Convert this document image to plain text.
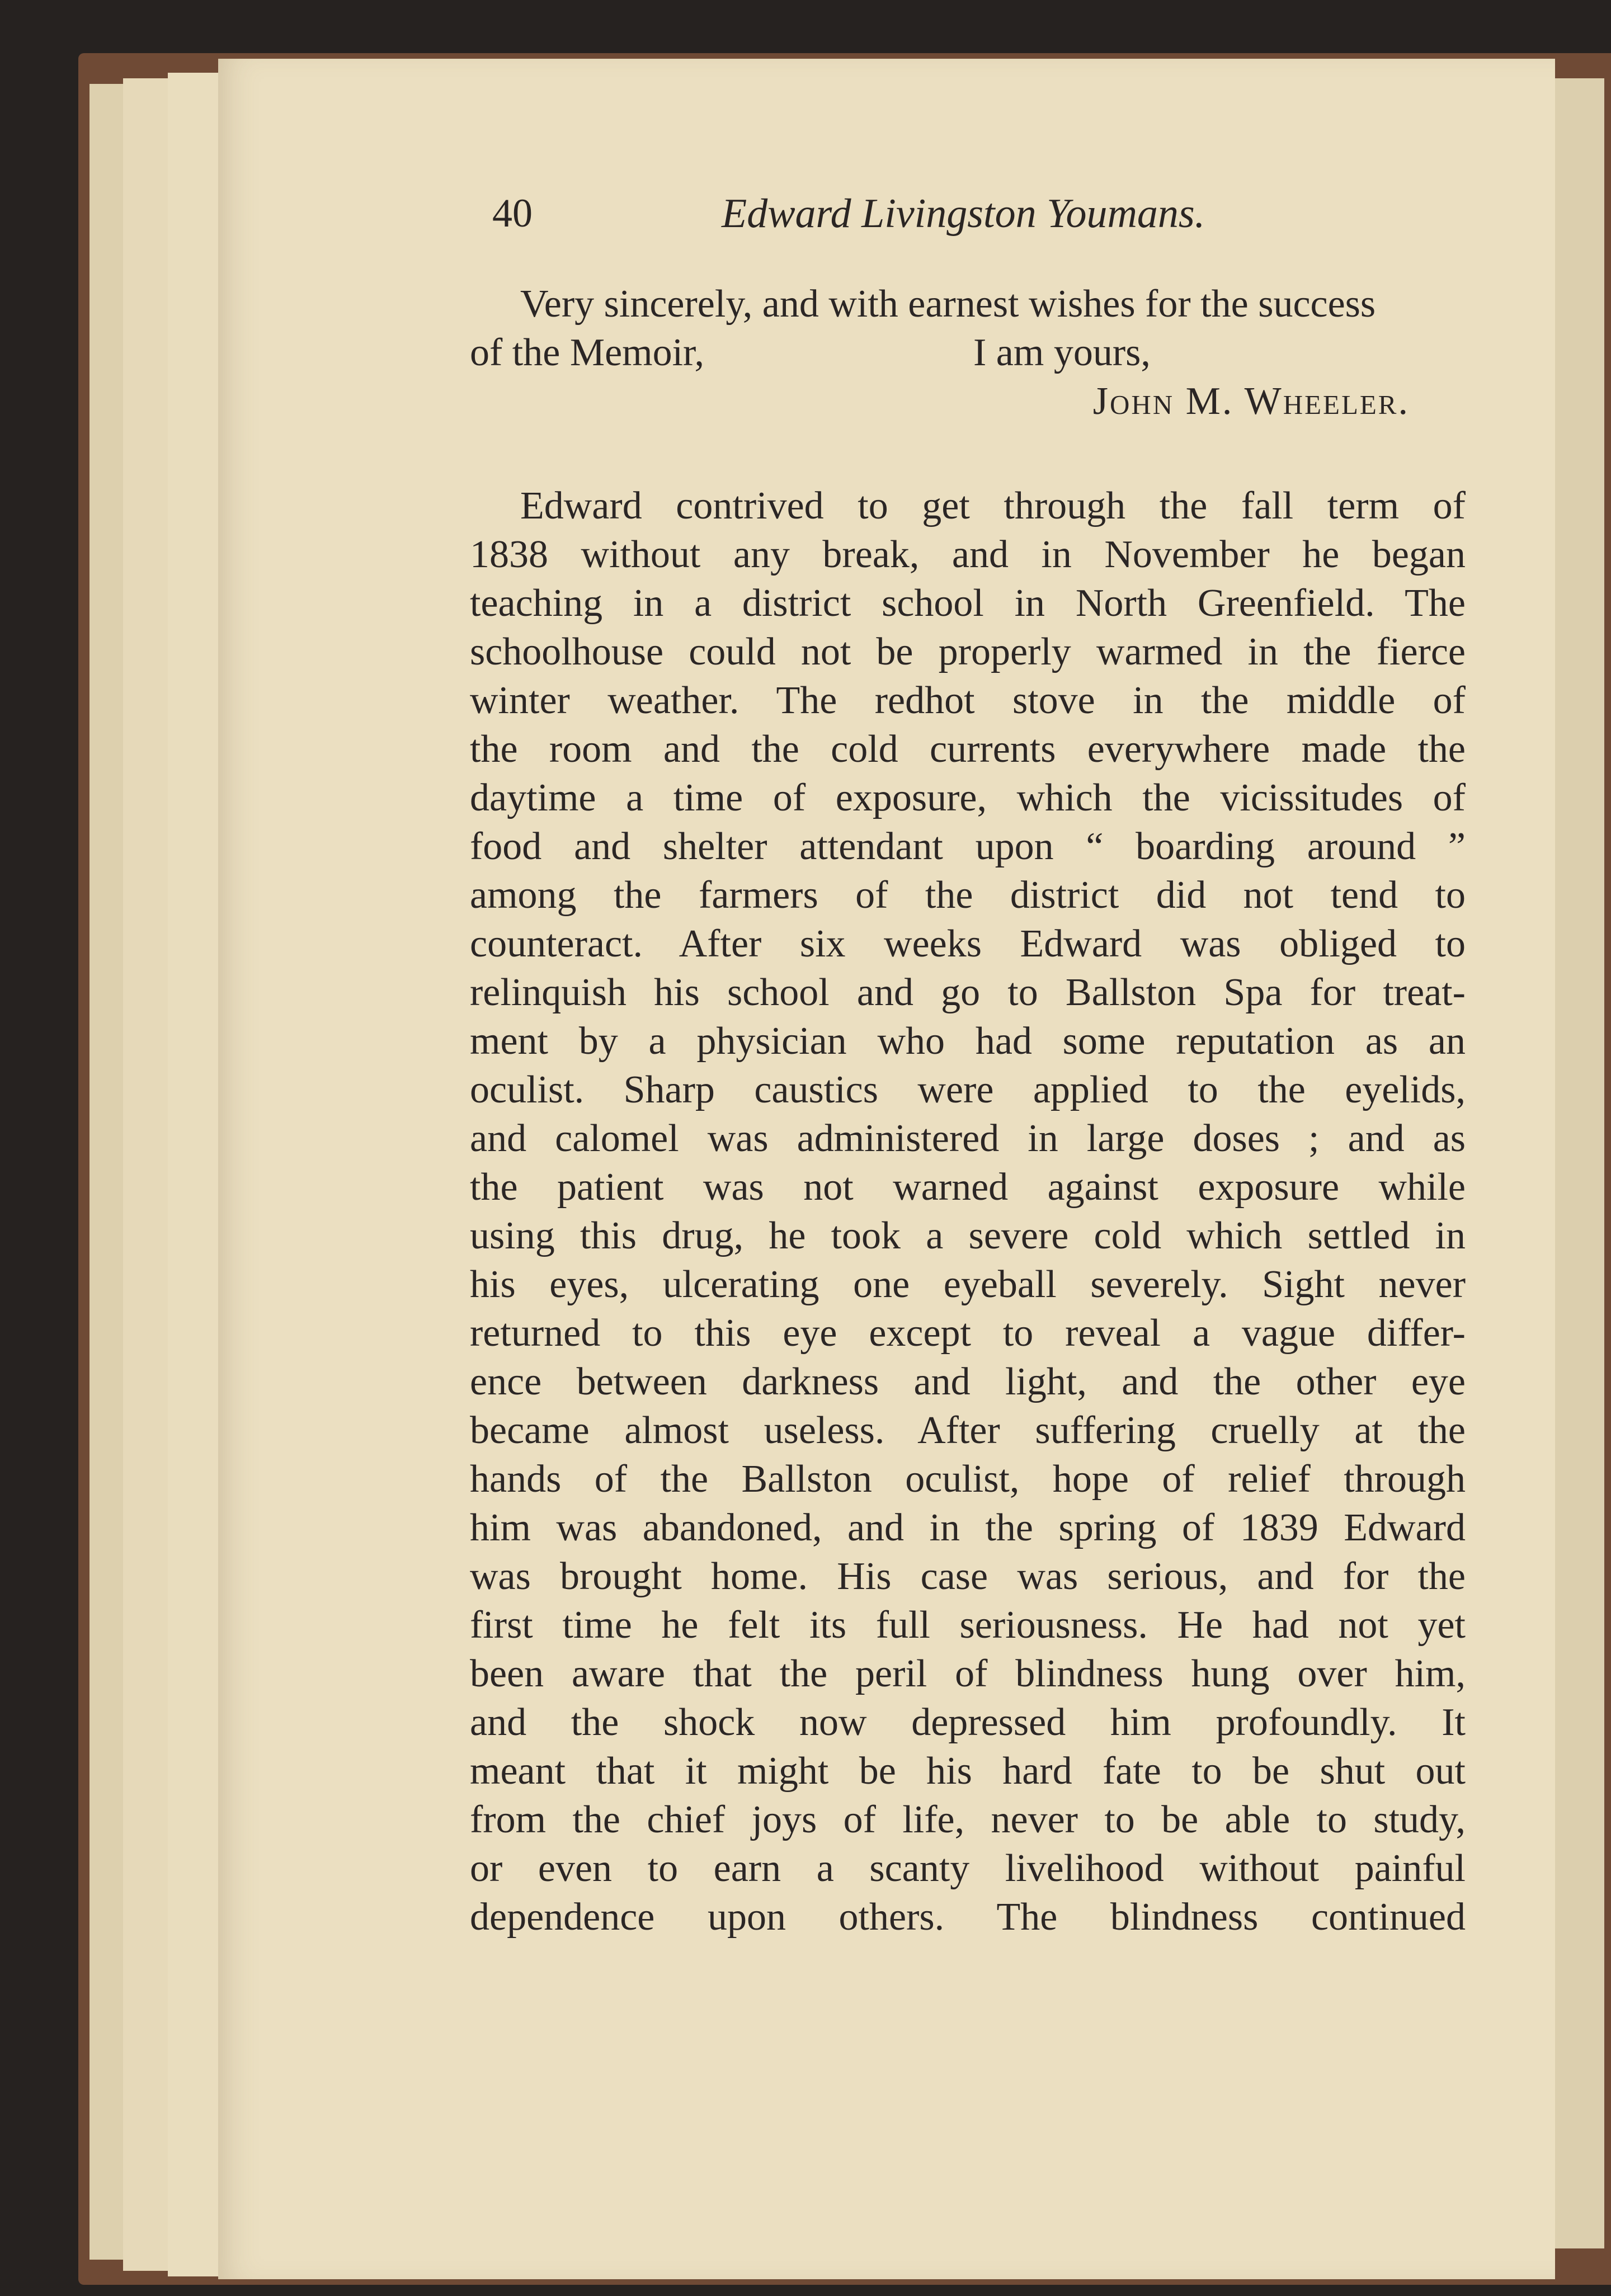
40	Edward Livingston Youmans.
Very sincerely, and with earnest wishes for the success
of the Memoir,	I am yours,
John M. Wheeler.
Edward contrived to get through the fall term of
1838 without any break, and in November he began
teaching in a district school in North Greenfield. The
schoolhouse could not be properly warmed in the fierce
winter weather. The redhot stove in the middle of
the room and the cold currents everywhere made the
daytime a time of exposure, which the vicissitudes of
food and shelter attendant upon “ boarding around ”
among the farmers of the district did not tend to
counteract. After six weeks Edward was obliged to
relinquish his school and go to Ballston Spa for treat-
ment by a physician who had some reputation as an
oculist. Sharp caustics were applied to the eyelids,
and calomel was administered in large doses ; and as
the patient was not warned against exposure while
using this drug, he took a severe cold which settled in
his eyes, ulcerating one eyeball severely. Sight never
returned to this eye except to reveal a vague differ-
ence between darkness and light, and the other eye
became almost useless. After suffering cruelly at the
hands of the Ballston oculist, hope of relief through
him was abandoned, and in the spring of 1839 Edward
was brought home. His case was serious, and for the
first time he felt its full seriousness. He had not yet
been aware that the peril of blindness hung over him,
and the shock now depressed him profoundly. It
meant that it might be his hard fate to be shut out
from the chief joys of life, never to be able to study,
or even to earn a scanty livelihood without painful
dependence upon others. The blindness continued
